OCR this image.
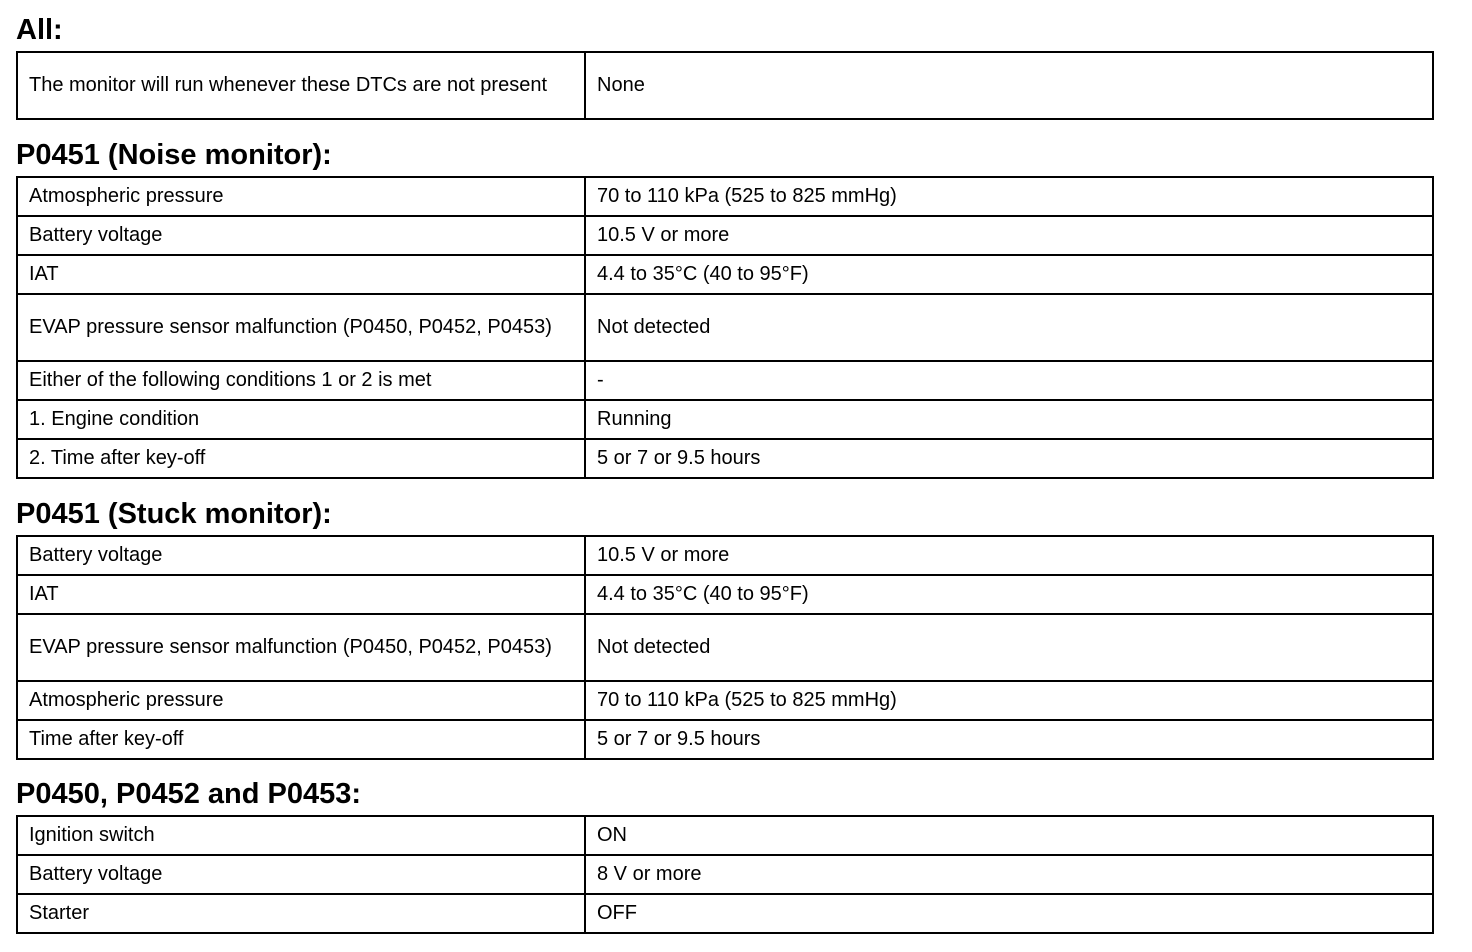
All:
The monitor will run whenever these DTCs are not present	None
P0451 (Noise monitor):
Atmospheric pressure	70 to 110 kPa (525 to 825 mmHg)
Battery voltage	10.5 V or more
IAT	4.4 to 35°C (40 to 95°F)
EVAP pressure sensor malfunction (P0450, P0452, P0453)	Not detected
Either of the following conditions 1 or 2 is met	-
1. Engine condition	Running
2. Time after key-off	5 or 7 or 9.5 hours
P0451 (Stuck monitor):
Battery voltage	10.5 V or more
IAT	4.4 to 35°C (40 to 95°F)
EVAP pressure sensor malfunction (P0450, P0452, P0453)	Not detected
Atmospheric pressure	70 to 110 kPa (525 to 825 mmHg)
Time after key-off	5 or 7 or 9.5 hours
P0450, P0452 and P0453:
Ignition switch	ON
Battery voltage	8 V or more
Starter	OFF
